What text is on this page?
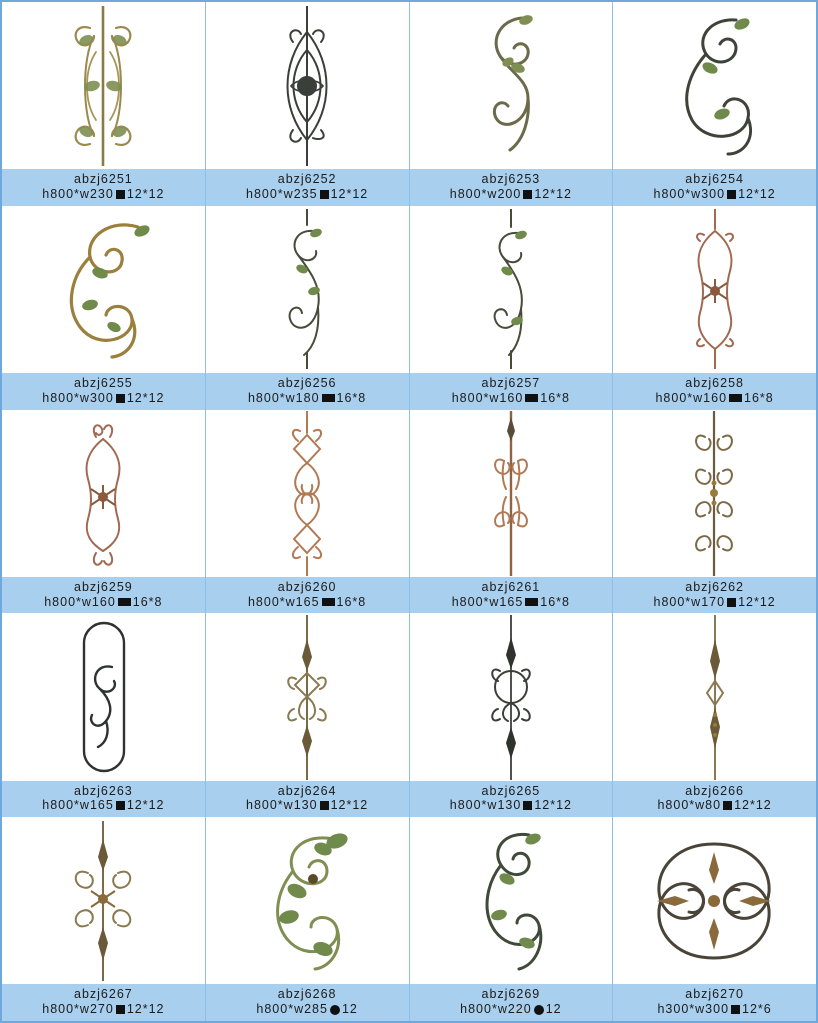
abzj6251
h800*w230 12*12
abzj6252
h800*w235 12*12
abzj6253
h800*w200 12*12
abzj6254
h800*w300 12*12
abzj6255
h800*w300 12*12
abzj6256
h800*w180 16*8
abzj6257
h800*w160 16*8
abzj6258
h800*w160 16*8
abzj6259
h800*w160 16*8
abzj6260
h800*w165 16*8
abzj6261
h800*w165 16*8
abzj6262
h800*w170 12*12
abzj6263
h800*w165 12*12
abzj6264
h800*w130 12*12
abzj6265
h800*w130 12*12
abzj6266
h800*w80 12*12
abzj6267
h800*w270 12*12
abzj6268
h800*w285 12
abzj6269
h800*w220 12
abzj6270
h300*w300 12*6
